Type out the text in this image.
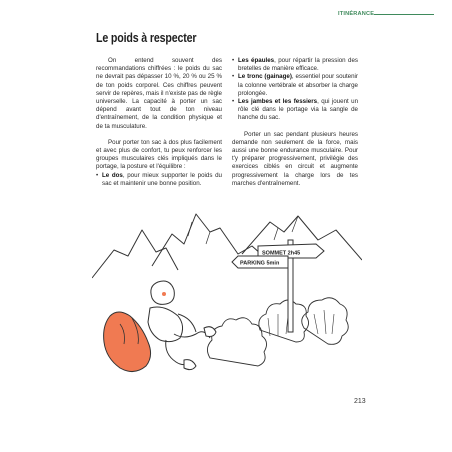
ITINÉRANCE
Le poids à respecter

On entend souvent des recommandations chiffrées : le poids du sac ne devrait pas dépasser 10 %, 20 % ou 25 % de ton poids corporel. Ces chiffres peuvent servir de repères, mais il n'existe pas de règle universelle. La capacité à porter un sac dépend avant tout de ton niveau d'entraînement, de la condition physique et de ta musculature.

Pour porter ton sac à dos plus facilement et avec plus de confort, tu peux renforcer les groupes musculaires clés impliqués dans le portage, la posture et l'équilibre :

• Le dos, pour mieux supporter le poids du sac et maintenir une bonne position.

• Les épaules, pour répartir la pression des bretelles de manière efficace.

• Le tronc (gainage), essentiel pour soutenir la colonne vertébrale et absorber la charge prolongée.

• Les jambes et les fessiers, qui jouent un rôle clé dans le portage via la sangle de hanche du sac.

Porter un sac pendant plusieurs heures demande non seulement de la force, mais aussi une bonne endurance musculaire. Pour t'y préparer progressivement, privilégie des exercices ciblés en circuit et augmente progressivement la charge lors de tes marches d'entraînement.

SOMMET 2h45
PARKING 5min
213
